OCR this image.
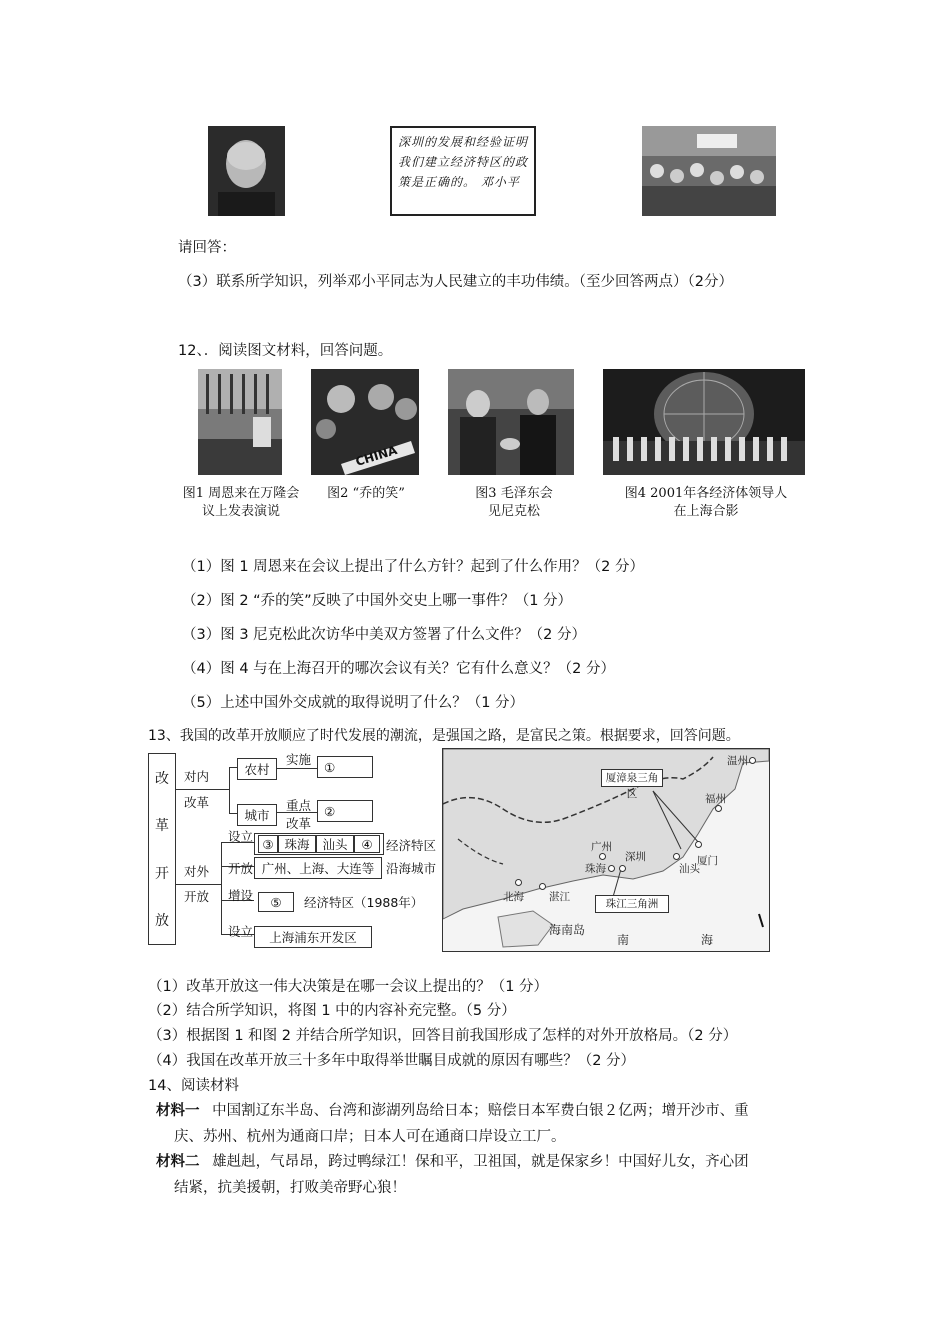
深圳的发展和经验证明我们建立经济特区的政策是正确的。 邓小平
请回答：
（3）联系所学知识，列举邓小平同志为人民建立的丰功伟绩。（至少回答两点）（2分）
12、．阅读图文材料，回答问题。
CHINA
图1 周恩来在万隆会
议上发表演说
图2 “乔的笑”	图3 毛泽东会
见尼克松
图4 2001年各经济体领导人
在上海合影
（1）图 1 周恩来在会议上提出了什么方针？起到了什么作用？（2 分）
（2）图 2 “乔的笑”反映了中国外交史上哪一事件？（1 分）
（3）图 3 尼克松此次访华中美双方签署了什么文件？（2 分）
（4）图 4 与在上海召开的哪次会议有关？它有什么意义？（2 分）
（5）上述中国外交成就的取得说明了什么？（1 分）
13、我国的改革开放顺应了时代发展的潮流，是强国之路，是富民之策。根据要求，回答问题。
改
革
开
放
对内
改革
农村
实施	①
城市
重点
改革
②
对外
开放
设立 ③ 珠海	汕头	④	经济特区
开放 广州、上海、大连等 沿海城市
增设	⑤	经济特区（1988年）
设立	上海浦东开发区
厦漳泉三角区
珠江三角洲
温州
福州
厦门
广州
深圳
珠海	汕头
北海 湛江
海南岛
南	海
（1）改革开放这一伟大决策是在哪一会议上提出的？（1 分）
（2）结合所学知识，将图 1 中的内容补充完整。（5 分）
（3）根据图 1 和图 2 并结合所学知识，回答目前我国形成了怎样的对外开放格局。（2 分）
（4）我国在改革开放三十多年中取得举世瞩目成就的原因有哪些？（2 分）
14、阅读材料
材料一 中国割辽东半岛、台湾和澎湖列岛给日本；赔偿日本军费白银２亿两；增开沙市、重
庆、苏州、杭州为通商口岸；日本人可在通商口岸设立工厂。
材料二 雄赳赳，气昂昂，跨过鸭绿江！保和平，卫祖国，就是保家乡！中国好儿女，齐心团
结紧，抗美援朝，打败美帝野心狼！
